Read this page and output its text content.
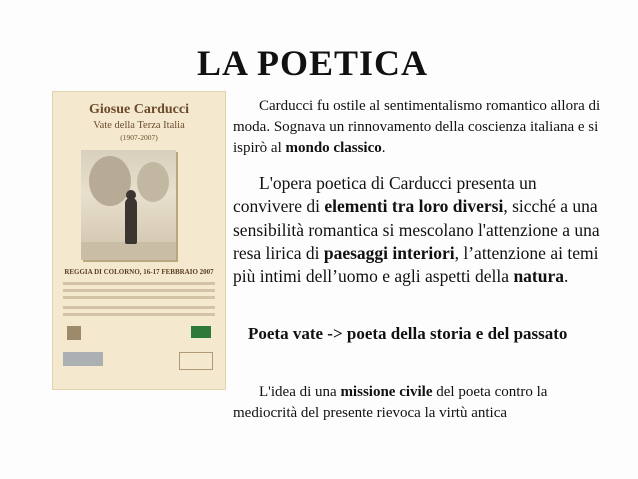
LA POETICA
Giosue Carducci
Vate della Terza Italia
(1907-2007)
REGGIA DI COLORNO, 16-17 FEBBRAIO 2007

Carducci fu ostile al sentimentalismo romantico allora di moda. Sognava un rinnovamento della coscienza italiana e si ispirò al mondo classico.

L'opera poetica di Carducci presenta un convivere di elementi tra loro diversi, sicché a una sensibilità romantica si mescolano l'attenzione a una resa lirica di paesaggi interiori, l’attenzione ai temi più intimi dell’uomo e agli aspetti della natura.

Poeta vate -> poeta della storia e del passato

L'idea di una missione civile del poeta contro la mediocrità del presente rievoca la virtù antica
